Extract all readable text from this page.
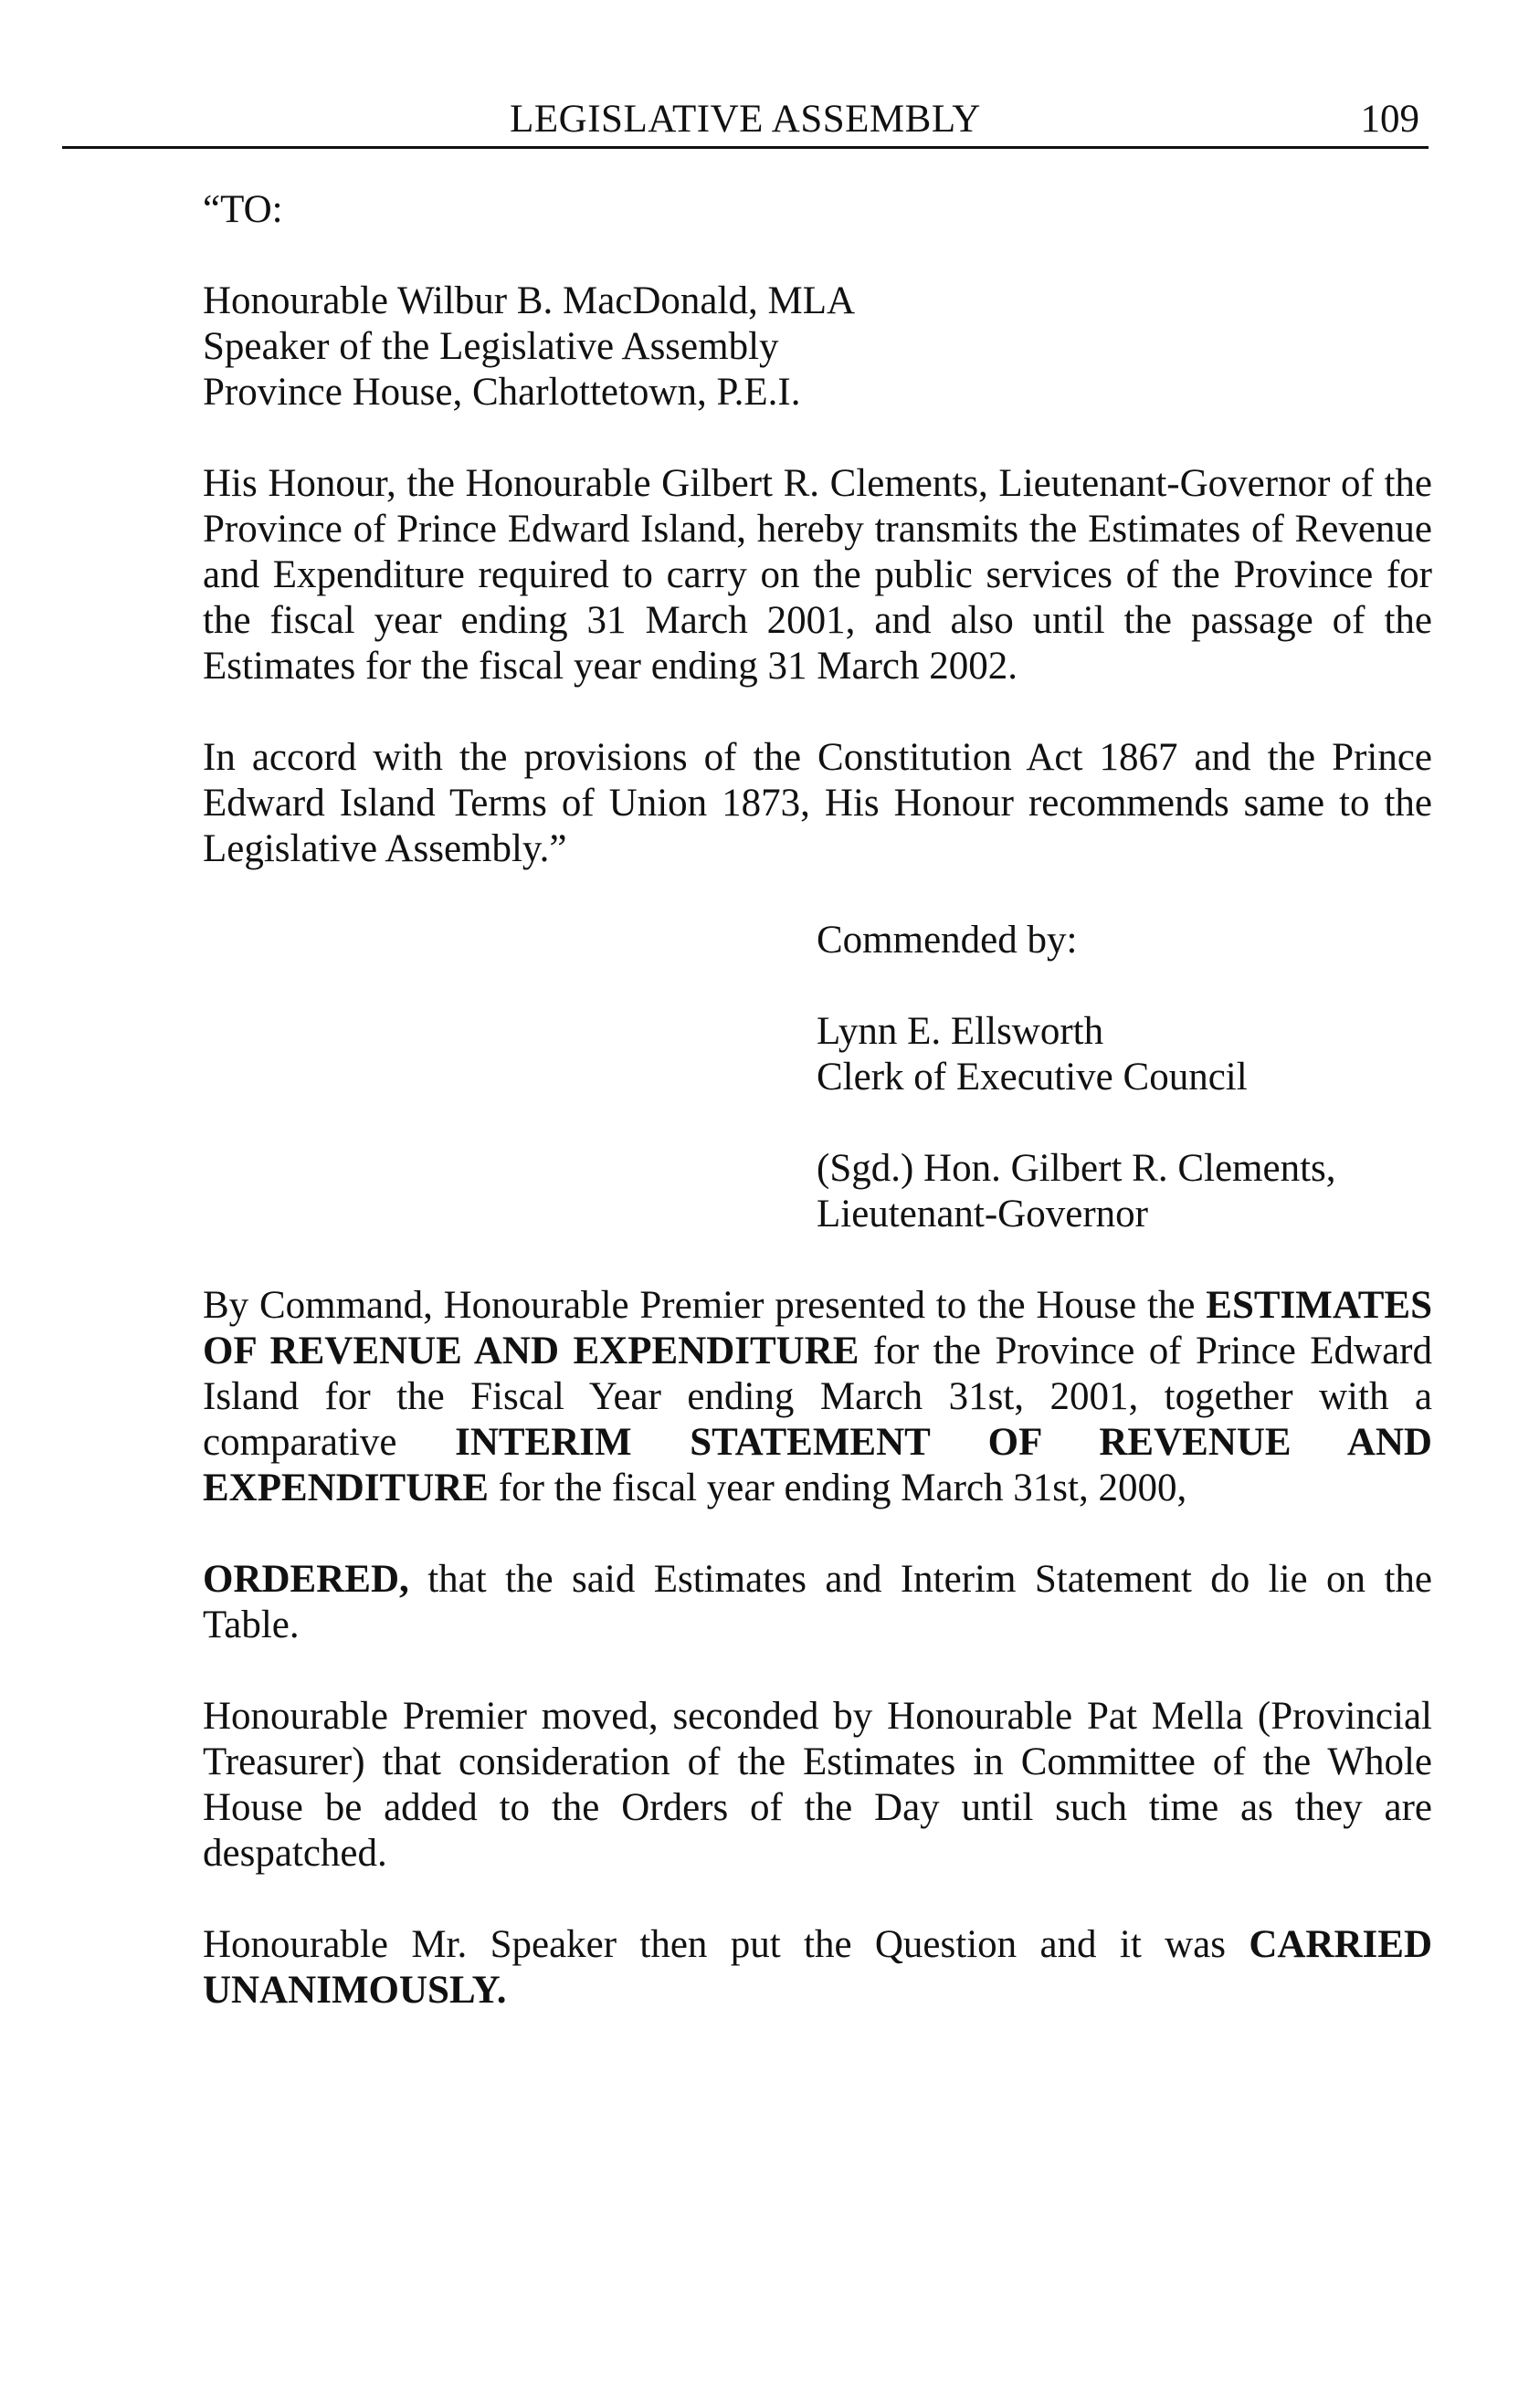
LEGISLATIVE ASSEMBLY	109

“TO:

Honourable Wilbur B. MacDonald, MLA
Speaker of the Legislative Assembly
Province House, Charlottetown, P.E.I.

His Honour, the Honourable Gilbert R. Clements, Lieutenant-Governor of the Province of Prince Edward Island, hereby transmits the Estimates of Revenue and Expenditure required to carry on the public services of the Province for the fiscal year ending 31 March 2001, and also until the passage of the Estimates for the fiscal year ending 31 March 2002.

In accord with the provisions of the Constitution Act 1867 and the Prince Edward Island Terms of Union 1873, His Honour recommends same to the Legislative Assembly.”

Commended by:
Lynn E. Ellsworth
Clerk of Executive Council
(Sgd.) Hon. Gilbert R. Clements,
Lieutenant-Governor

By Command, Honourable Premier presented to the House the ESTIMATES OF REVENUE AND EXPENDITURE for the Province of Prince Edward Island for the Fiscal Year ending March 31st, 2001, together with a comparative INTERIM STATEMENT OF REVENUE AND EXPENDITURE for the fiscal year ending March 31st, 2000,

ORDERED, that the said Estimates and Interim Statement do lie on the Table.

Honourable Premier moved, seconded by Honourable Pat Mella (Provincial Treasurer) that consideration of the Estimates in Committee of the Whole House be added to the Orders of the Day until such time as they are despatched.

Honourable Mr. Speaker then put the Question and it was CARRIED UNANIMOUSLY.
